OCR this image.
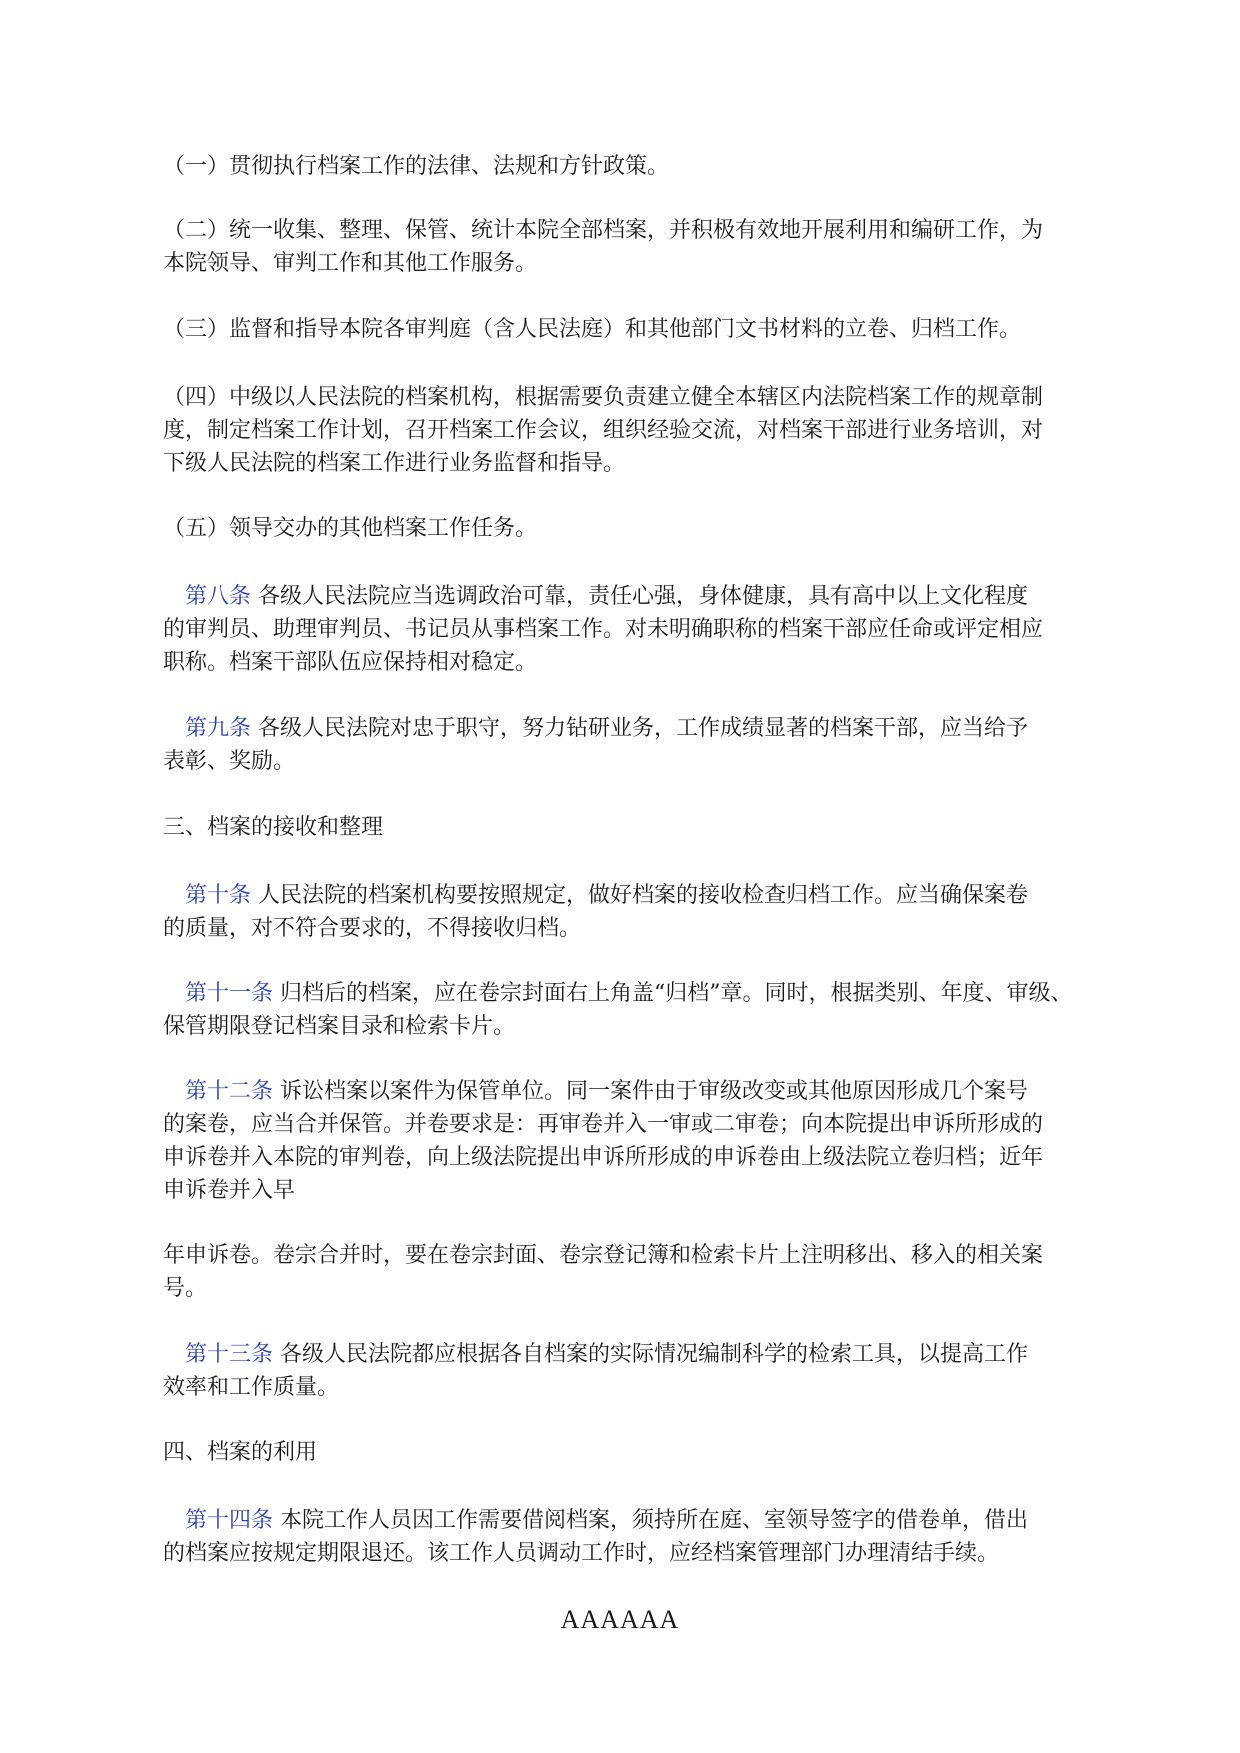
（一）贯彻执行档案工作的法律、法规和方针政策。

（二）统一收集、整理、保管、统计本院全部档案，并积极有效地开展利用和编研工作，为
本院领导、审判工作和其他工作服务。

（三）监督和指导本院各审判庭（含人民法庭）和其他部门文书材料的立卷、归档工作。

（四）中级以人民法院的档案机构，根据需要负责建立健全本辖区内法院档案工作的规章制
度，制定档案工作计划，召开档案工作会议，组织经验交流，对档案干部进行业务培训，对
下级人民法院的档案工作进行业务监督和指导。

（五）领导交办的其他档案工作任务。

　第八条 各级人民法院应当选调政治可靠，责任心强，身体健康，具有高中以上文化程度
的审判员、助理审判员、书记员从事档案工作。对未明确职称的档案干部应任命或评定相应
职称。档案干部队伍应保持相对稳定。

　第九条 各级人民法院对忠于职守，努力钻研业务，工作成绩显著的档案干部，应当给予
表彰、奖励。

三、档案的接收和整理

　第十条 人民法院的档案机构要按照规定，做好档案的接收检查归档工作。应当确保案卷
的质量，对不符合要求的，不得接收归档。

　第十一条 归档后的档案，应在卷宗封面右上角盖“归档”章。同时，根据类别、年度、审级、
保管期限登记档案目录和检索卡片。

　第十二条 诉讼档案以案件为保管单位。同一案件由于审级改变或其他原因形成几个案号
的案卷，应当合并保管。并卷要求是：再审卷并入一审或二审卷；向本院提出申诉所形成的
申诉卷并入本院的审判卷，向上级法院提出申诉所形成的申诉卷由上级法院立卷归档；近年
申诉卷并入早

年申诉卷。卷宗合并时，要在卷宗封面、卷宗登记簿和检索卡片上注明移出、移入的相关案
号。

　第十三条 各级人民法院都应根据各自档案的实际情况编制科学的检索工具，以提高工作
效率和工作质量。

四、档案的利用

　第十四条 本院工作人员因工作需要借阅档案，须持所在庭、室领导签字的借卷单，借出
的档案应按规定期限退还。该工作人员调动工作时，应经档案管理部门办理清结手续。

AAAAAA
